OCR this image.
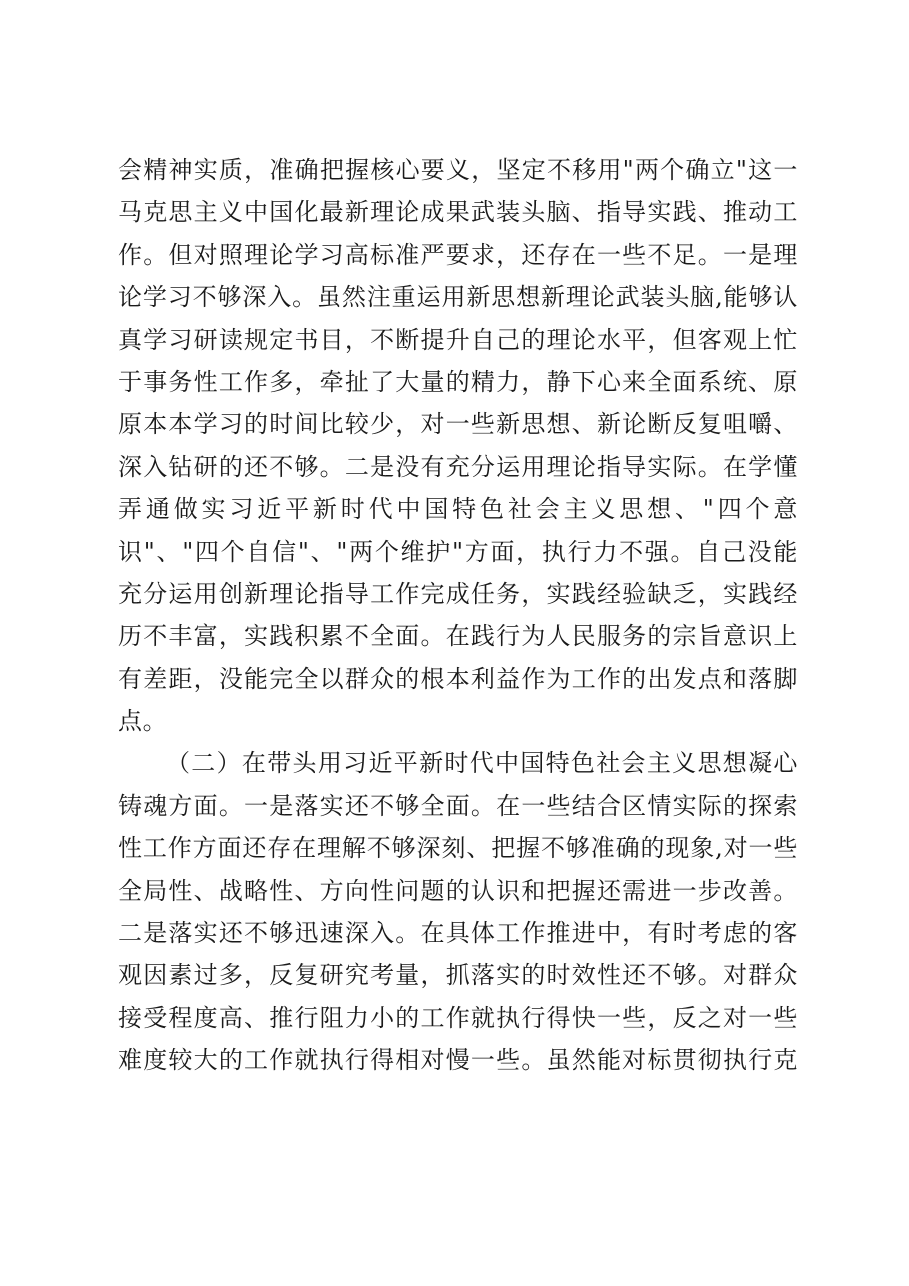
会精神实质，准确把握核心要义，坚定不移用"两个确立"这一
马克思主义中国化最新理论成果武装头脑、指导实践、推动工
作。但对照理论学习高标准严要求，还存在一些不足。一是理
论学习不够深入。虽然注重运用新思想新理论武装头脑,能够认
真学习研读规定书目，不断提升自己的理论水平，但客观上忙
于事务性工作多，牵扯了大量的精力，静下心来全面系统、原
原本本学习的时间比较少，对一些新思想、新论断反复咀嚼、
深入钻研的还不够。二是没有充分运用理论指导实际。在学懂
弄通做实习近平新时代中国特色社会主义思想、"四个意
识"、"四个自信"、"两个维护"方面，执行力不强。自己没能
充分运用创新理论指导工作完成任务，实践经验缺乏，实践经
历不丰富，实践积累不全面。在践行为人民服务的宗旨意识上
有差距，没能完全以群众的根本利益作为工作的出发点和落脚
点。
（二）在带头用习近平新时代中国特色社会主义思想凝心
铸魂方面。一是落实还不够全面。在一些结合区情实际的探索
性工作方面还存在理解不够深刻、把握不够准确的现象,对一些
全局性、战略性、方向性问题的认识和把握还需进一步改善。
二是落实还不够迅速深入。在具体工作推进中，有时考虑的客
观因素过多，反复研究考量，抓落实的时效性还不够。对群众
接受程度高、推行阻力小的工作就执行得快一些，反之对一些
难度较大的工作就执行得相对慢一些。虽然能对标贯彻执行克
